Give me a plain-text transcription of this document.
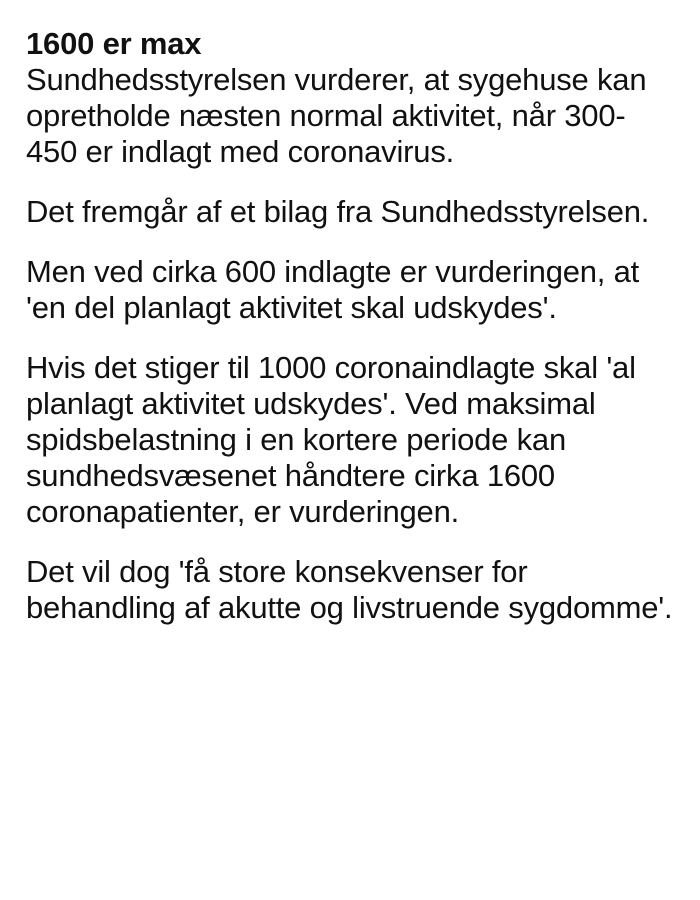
1600 er max

Sundhedsstyrelsen vurderer, at sygehuse kan opretholde næsten normal aktivitet, når 300-450 er indlagt med coronavirus.

Det fremgår af et bilag fra Sundhedsstyrelsen.

Men ved cirka 600 indlagte er vurderingen, at 'en del planlagt aktivitet skal udskydes'.

Hvis det stiger til 1000 coronaindlagte skal 'al planlagt aktivitet udskydes'. Ved maksimal spidsbelastning i en kortere periode kan sundhedsvæsenet håndtere cirka 1600 coronapatienter, er vurderingen.

Det vil dog 'få store konsekvenser for behandling af akutte og livstruende sygdomme'.
